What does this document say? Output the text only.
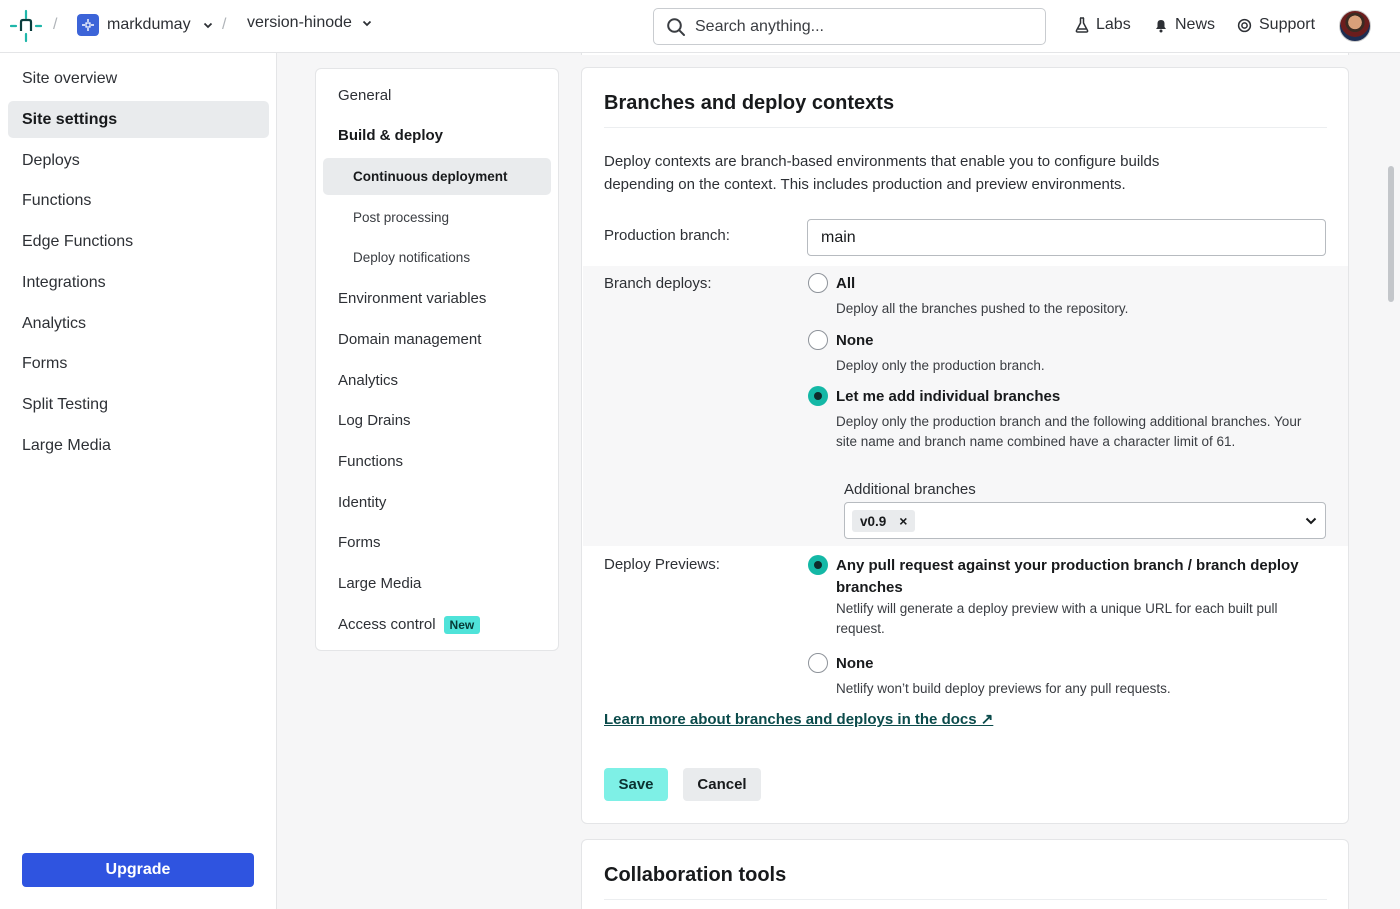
/	markdumay / version-hinode	Search anything...	Labs	News	Support
Site overview
Site settings
Deploys
Functions
Edge Functions
Integrations
Analytics
Forms
Split Testing
Large Media
Upgrade
General
Build & deploy
Continuous deployment
Post processing
Deploy notifications
Environment variables
Domain management
Analytics
Log Drains
Functions
Identity
Forms
Large Media
Access control	New
Branches and deploy contexts
Deploy contexts are branch-based environments that enable you to configure builds depending on the context. This includes production and preview environments.
Production branch:
main
Branch deploys:	All
Deploy all the branches pushed to the repository.
None
Deploy only the production branch.
Let me add individual branches
Deploy only the production branch and the following additional branches. Your site name and branch name combined have a character limit of 61.
Additional branches
v0.9 ×
Deploy Previews:	Any pull request against your production branch / branch deploy branches
Netlify will generate a deploy preview with a unique URL for each built pull request.
None
Netlify won’t build deploy previews for any pull requests.
Learn more about branches and deploys in the docs ↗
Save	Cancel
Collaboration tools
